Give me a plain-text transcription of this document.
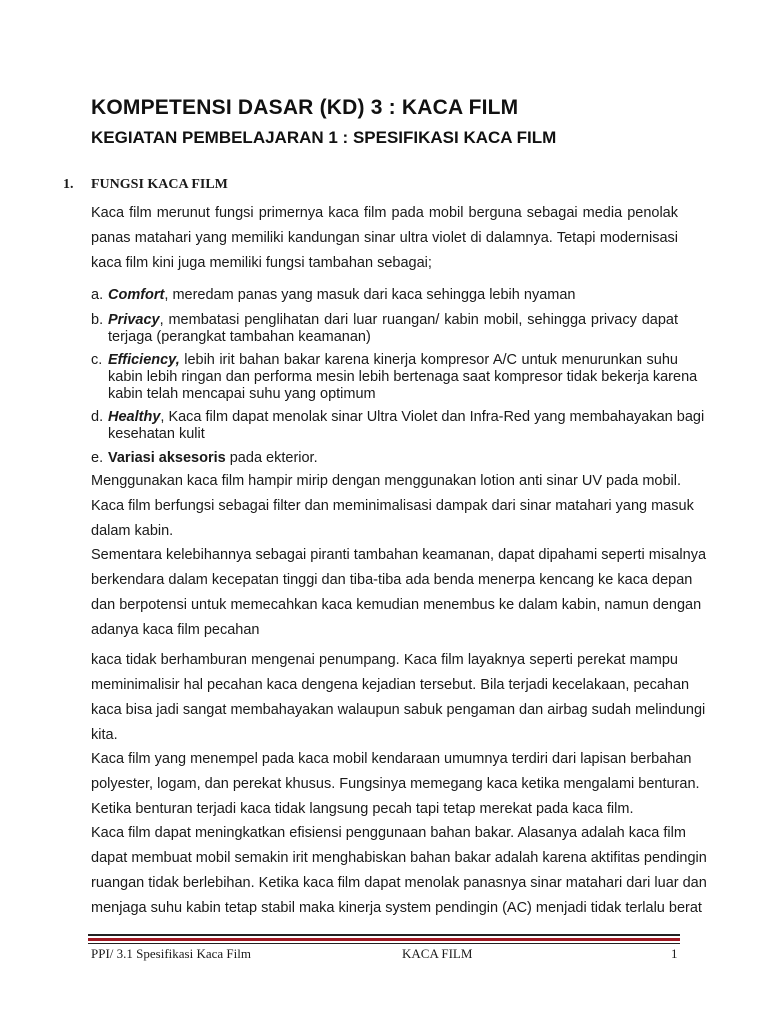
KOMPETENSI DASAR (KD) 3 : KACA FILM
KEGIATAN PEMBELAJARAN 1 : SPESIFIKASI KACA FILM
1. FUNGSI KACA FILM
Kaca film merunut fungsi primernya kaca film pada mobil berguna sebagai media penolak
panas matahari yang memiliki kandungan sinar ultra violet di dalamnya. Tetapi modernisasi
kaca film kini juga memiliki fungsi tambahan sebagai;
a. Comfort, meredam panas yang masuk dari kaca sehingga lebih nyaman
b. Privacy, membatasi penglihatan dari luar ruangan/ kabin mobil, sehingga privacy dapat
terjaga (perangkat tambahan keamanan)
c. Efficiency, lebih irit bahan bakar karena kinerja kompresor A/C untuk menurunkan suhu
kabin lebih ringan dan performa mesin lebih bertenaga saat kompresor tidak bekerja karena
kabin telah mencapai suhu yang optimum
d. Healthy, Kaca film dapat menolak sinar Ultra Violet dan Infra-Red yang membahayakan bagi
kesehatan kulit
e. Variasi aksesoris pada ekterior.
Menggunakan kaca film hampir mirip dengan menggunakan lotion anti sinar UV pada mobil.
Kaca film berfungsi sebagai filter dan meminimalisasi dampak dari sinar matahari yang masuk
dalam kabin.
Sementara kelebihannya sebagai piranti tambahan keamanan, dapat dipahami seperti misalnya
berkendara dalam kecepatan tinggi dan tiba-tiba ada benda menerpa kencang ke kaca depan
dan berpotensi untuk memecahkan kaca kemudian menembus ke dalam kabin, namun dengan
adanya kaca film pecahan
kaca tidak berhamburan mengenai penumpang. Kaca film layaknya seperti perekat mampu
meminimalisir hal pecahan kaca dengena kejadian tersebut. Bila terjadi kecelakaan, pecahan
kaca bisa jadi sangat membahayakan walaupun sabuk pengaman dan airbag sudah melindungi
kita.
Kaca film yang menempel pada kaca mobil kendaraan umumnya terdiri dari lapisan berbahan
polyester, logam, dan perekat khusus. Fungsinya memegang kaca ketika mengalami benturan.
Ketika benturan terjadi kaca tidak langsung pecah tapi tetap merekat pada kaca film.
Kaca film dapat meningkatkan efisiensi penggunaan bahan bakar. Alasanya adalah kaca film
dapat membuat mobil semakin irit menghabiskan bahan bakar adalah karena aktifitas pendingin
ruangan tidak berlebihan. Ketika kaca film dapat menolak panasnya sinar matahari dari luar dan
menjaga suhu kabin tetap stabil maka kinerja system pendingin (AC) menjadi tidak terlalu berat
PPI/ 3.1 Spesifikasi Kaca Film	KACA FILM	1
